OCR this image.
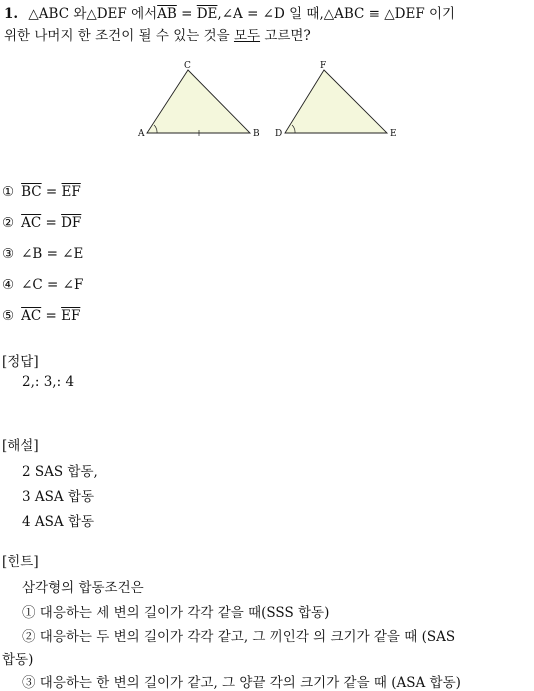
1. △ABC 와△DEF 에서$\overline{AB}$ = $\overline{DE},\angle A$ = ∠D 일 때,△ABC ≡ △DEF 이기
위한 나머지 한 조건이 될 수 있는 것을 모두 고르면?
A	B
C
D	E
F
① $\overline{BC} = \overline{EF}$
② $\overline{AC} = \overline{DF}$
③ ∠B = ∠E
④ ∠C = ∠F
⑤ $\overline{AC} = \overline{EF}$
[정답]
2,: 3,: 4
[해설]
2 SAS 합동,
3 ASA 합동
4 ASA 합동
[힌트]
삼각형의 합동조건은
① 대응하는 세 변의 길이가 각각 같을 때(SSS 합동)
② 대응하는 두 변의 길이가 각각 같고, 그 끼인각 의 크기가 같을 때 (SAS
합동)
③ 대응하는 한 변의 길이가 같고, 그 양끝 각의 크기가 같을 때 (ASA 합동)
